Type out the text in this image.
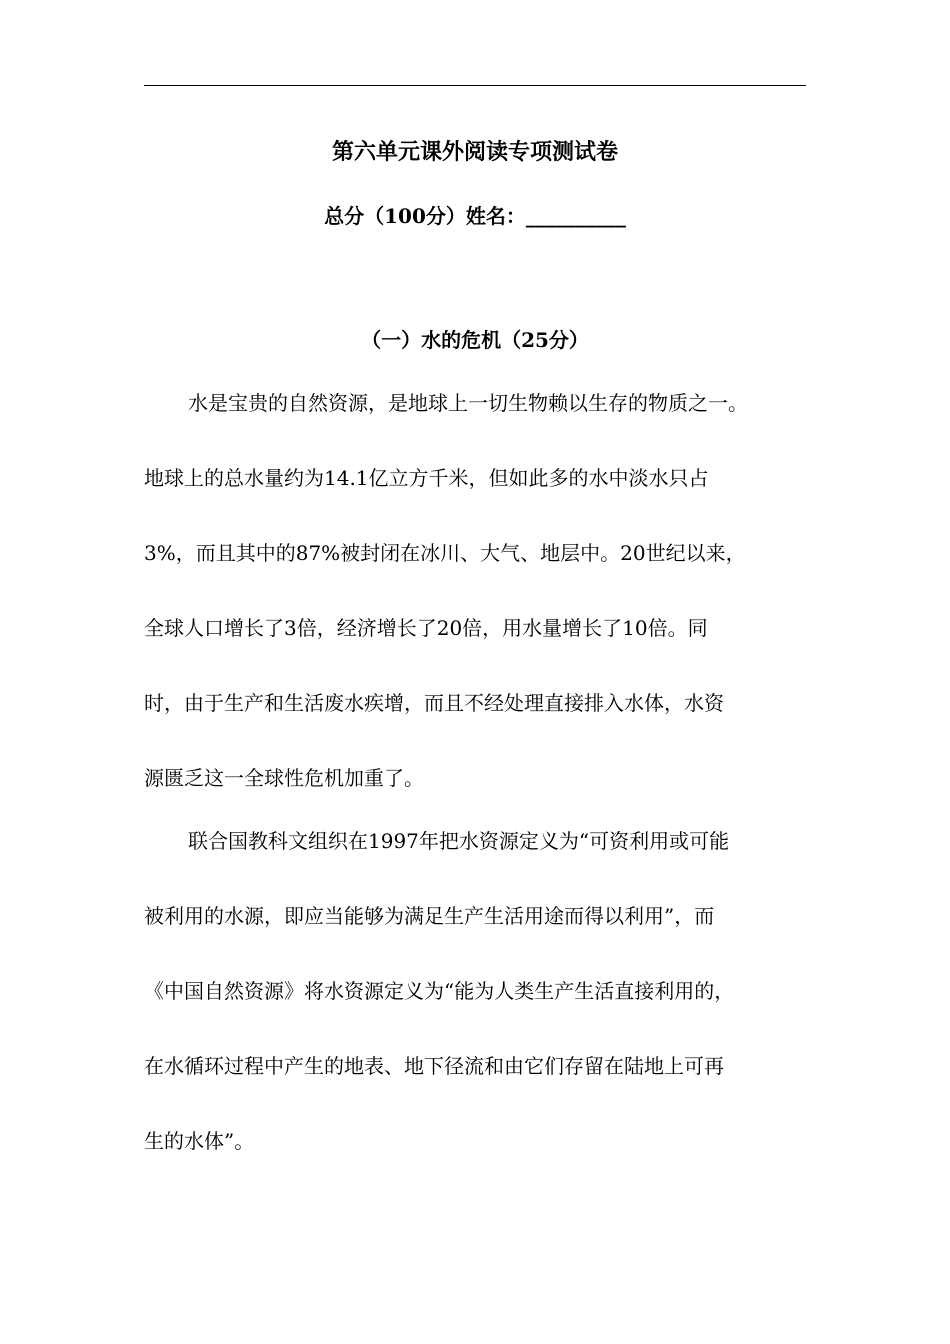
第六单元课外阅读专项测试卷
总分（100分）姓名：__________
（一）水的危机（25分）
水是宝贵的自然资源，是地球上一切生物赖以生存的物质之一。
地球上的总水量约为14.1亿立方千米，但如此多的水中淡水只占
3%，而且其中的87%被封闭在冰川、大气、地层中。20世纪以来，
全球人口增长了3倍，经济增长了20倍，用水量增长了10倍。同
时，由于生产和生活废水疾增，而且不经处理直接排入水体，水资
源匮乏这一全球性危机加重了。
联合国教科文组织在1997年把水资源定义为“可资利用或可能
被利用的水源，即应当能够为满足生产生活用途而得以利用”，而
《中国自然资源》将水资源定义为“能为人类生产生活直接利用的，
在水循环过程中产生的地表、地下径流和由它们存留在陆地上可再
生的水体”。
